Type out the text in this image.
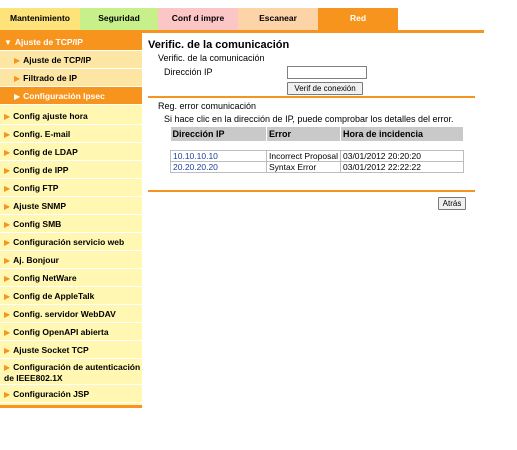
Mantenimiento	Seguridad	Conf d impre	Escanear	Red
▼ Ajuste de TCP/IP
▶ Ajuste de TCP/IP
▶ Filtrado de IP
▶ Configuración Ipsec
▶ Config ajuste hora
▶ Config. E-mail
▶ Config de LDAP
▶ Config de IPP
▶ Config FTP
▶ Ajuste SNMP
▶ Config SMB
▶ Configuración servicio web
▶ Aj. Bonjour
▶ Config NetWare
▶ Config de AppleTalk
▶ Config. servidor WebDAV
▶ Config OpenAPI abierta
▶ Ajuste Socket TCP
▶ Configuración de autenticación de IEEE802.1X
▶ Configuración JSP
Verific. de la comunicación
Verific. de la comunicación
Dirección IP
Verif de conexión
Reg. error comunicación
Si hace clic en la dirección de IP, puede comprobar los detalles del error.
Dirección IP	Error	Hora de incidencia

10.10.10.10	Incorrect Proposal	03/01/2012 20:20:20
20.20.20.20	Syntax Error	03/01/2012 22:22:22
Atrás
